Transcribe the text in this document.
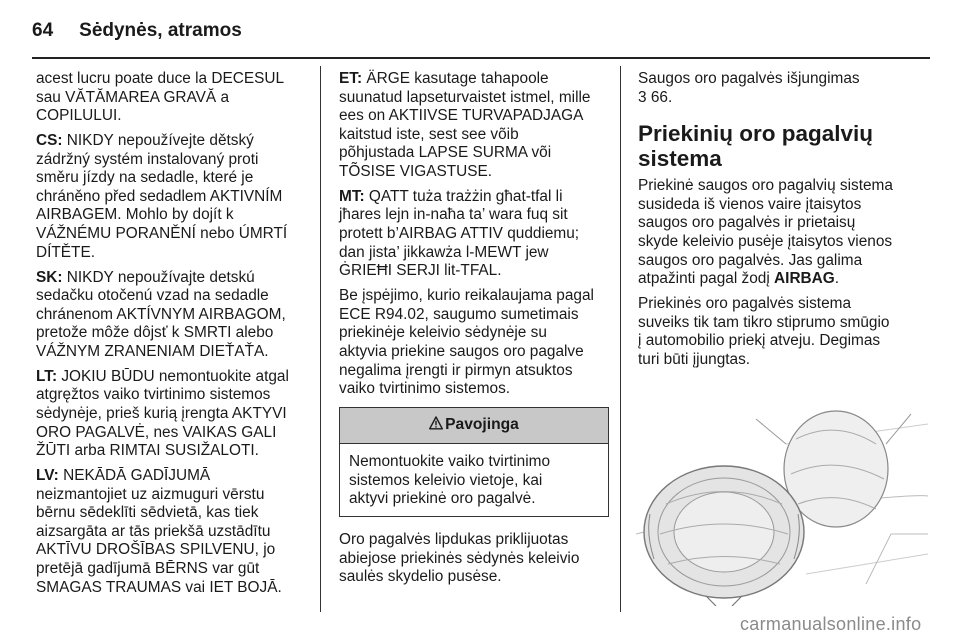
64 Sėdynės, atramos

acest lucru poate duce la DECESUL
sau VĂTĂMAREA GRAVĂ a
COPILULUI.

CS: NIKDY nepoužívejte dětský
zádržný systém instalovaný proti
směru jízdy na sedadle, které je
chráněno před sedadlem AKTIVNÍM
AIRBAGEM. Mohlo by dojít k
VÁŽNÉMU PORANĚNÍ nebo ÚMRTÍ
DÍTĚTE.

SK: NIKDY nepoužívajte detskú
sedačku otočenú vzad na sedadle
chránenom AKTÍVNYM AIRBAGOM,
pretože môže dôjsť k SMRTI alebo
VÁŽNYM ZRANENIAM DIEŤAŤA.

LT: JOKIU BŪDU nemontuokite atgal
atgręžtos vaiko tvirtinimo sistemos
sėdynėje, prieš kurią įrengta AKTYVI
ORO PAGALVĖ, nes VAIKAS GALI
ŽŪTI arba RIMTAI SUSIŽALOTI.

LV: NEKĀDĀ GADĪJUMĀ
neizmantojiet uz aizmuguri vērstu
bērnu sēdeklīti sēdvietā, kas tiek
aizsargāta ar tās priekšā uzstādītu
AKTĪVU DROŠĪBAS SPILVENU, jo
pretējā gadījumā BĒRNS var gūt
SMAGAS TRAUMAS vai IET BOJĀ.

ET: ÄRGE kasutage tahapoole
suunatud lapseturvaistet istmel, mille
ees on AKTIIVSE TURVAPADJAGA
kaitstud iste, sest see võib
põhjustada LAPSE SURMA või
TÕSISE VIGASTUSE.

MT: QATT tuża trażżin għat-tfal li
jħares lejn in-naħa ta’ wara fuq sit
protett b’AIRBAG ATTIV quddiemu;
dan jista’ jikkawża l-MEWT jew
ĠRIEĦI SERJI lit-TFAL.

Be įspėjimo, kurio reikalaujama pagal
ECE R94.02, saugumo sumetimais
priekinėje keleivio sėdynėje su
aktyvia priekine saugos oro pagalve
negalima įrengti ir pirmyn atsuktos
vaiko tvirtinimo sistemos.

Pavojinga
Nemontuokite vaiko tvirtinimo
sistemos keleivio vietoje, kai
aktyvi priekinė oro pagalvė.

Oro pagalvės lipdukas priklijuotas
abiejose priekinės sėdynės keleivio
saulės skydelio pusėse.

Saugos oro pagalvės išjungimas
3 66.

Priekinių oro pagalvių
sistema

Priekinė saugos oro pagalvių sistema
susideda iš vienos vaire įtaisytos
saugos oro pagalvės ir prietaisų
skyde keleivio pusėje įtaisytos vienos
saugos oro pagalvės. Jas galima
atpažinti pagal žodį AIRBAG.

Priekinės oro pagalvės sistema
suveiks tik tam tikro stiprumo smūgio
į automobilio priekį atveju. Degimas
turi būti įjungtas.

carmanualsonline.info
